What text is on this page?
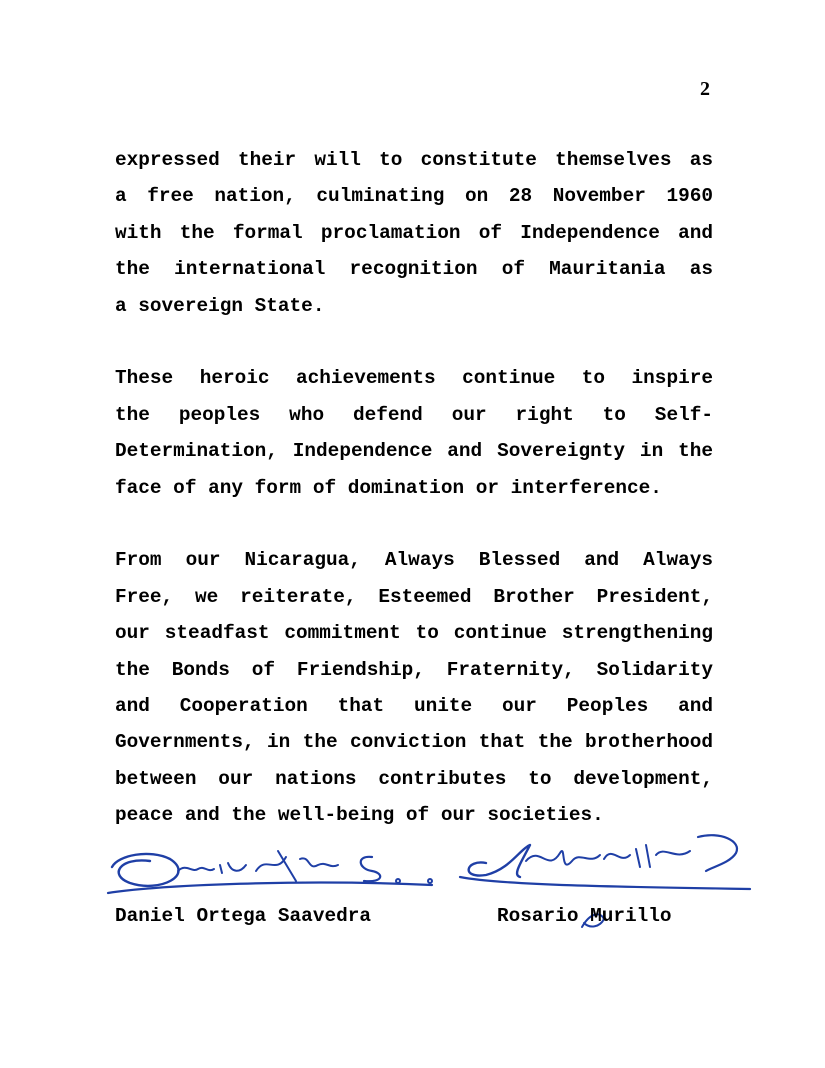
2

expressed their will to constitute themselves as
a free nation, culminating on 28 November 1960
with the formal proclamation of Independence and
the international recognition of Mauritania as
a sovereign State.

These heroic achievements continue to inspire
the peoples who defend our right to Self-
Determination, Independence and Sovereignty in the
face of any form of domination or interference.

From our Nicaragua, Always Blessed and Always
Free, we reiterate, Esteemed Brother President,
our steadfast commitment to continue strengthening
the Bonds of Friendship, Fraternity, Solidarity
and Cooperation that unite our Peoples and
Governments, in the conviction that the brotherhood
between our nations contributes to development,
peace and the well-being of our societies.

Daniel Ortega Saavedra	Rosario Murillo
